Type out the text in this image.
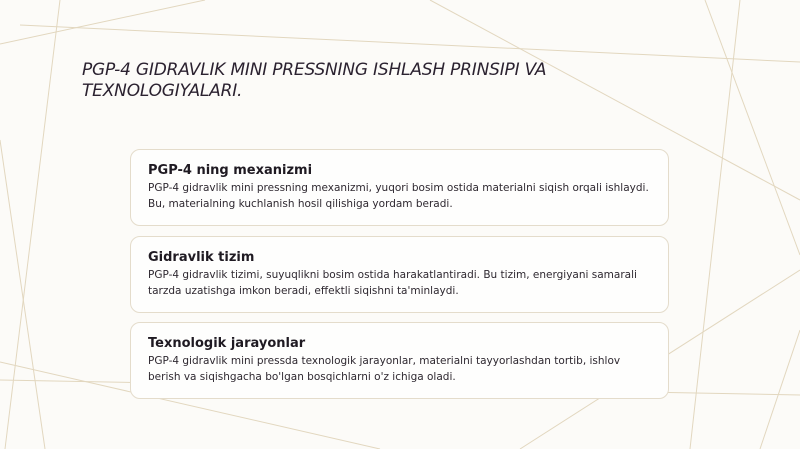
PGP-4 GIDRAVLIK MINI PRESSNING ISHLASH PRINSIPI VA TEXNOLOGIYALARI.
PGP-4 ning mexanizmi

PGP-4 gidravlik mini pressning mexanizmi, yuqori bosim ostida materialni siqish orqali ishlaydi. Bu, materialning kuchlanish hosil qilishiga yordam beradi.

Gidravlik tizim

PGP-4 gidravlik tizimi, suyuqlikni bosim ostida harakatlantiradi. Bu tizim, energiyani samarali tarzda uzatishga imkon beradi, effektli siqishni ta'minlaydi.

Texnologik jarayonlar

PGP-4 gidravlik mini pressda texnologik jarayonlar, materialni tayyorlashdan tortib, ishlov berish va siqishgacha bo'lgan bosqichlarni o'z ichiga oladi.
